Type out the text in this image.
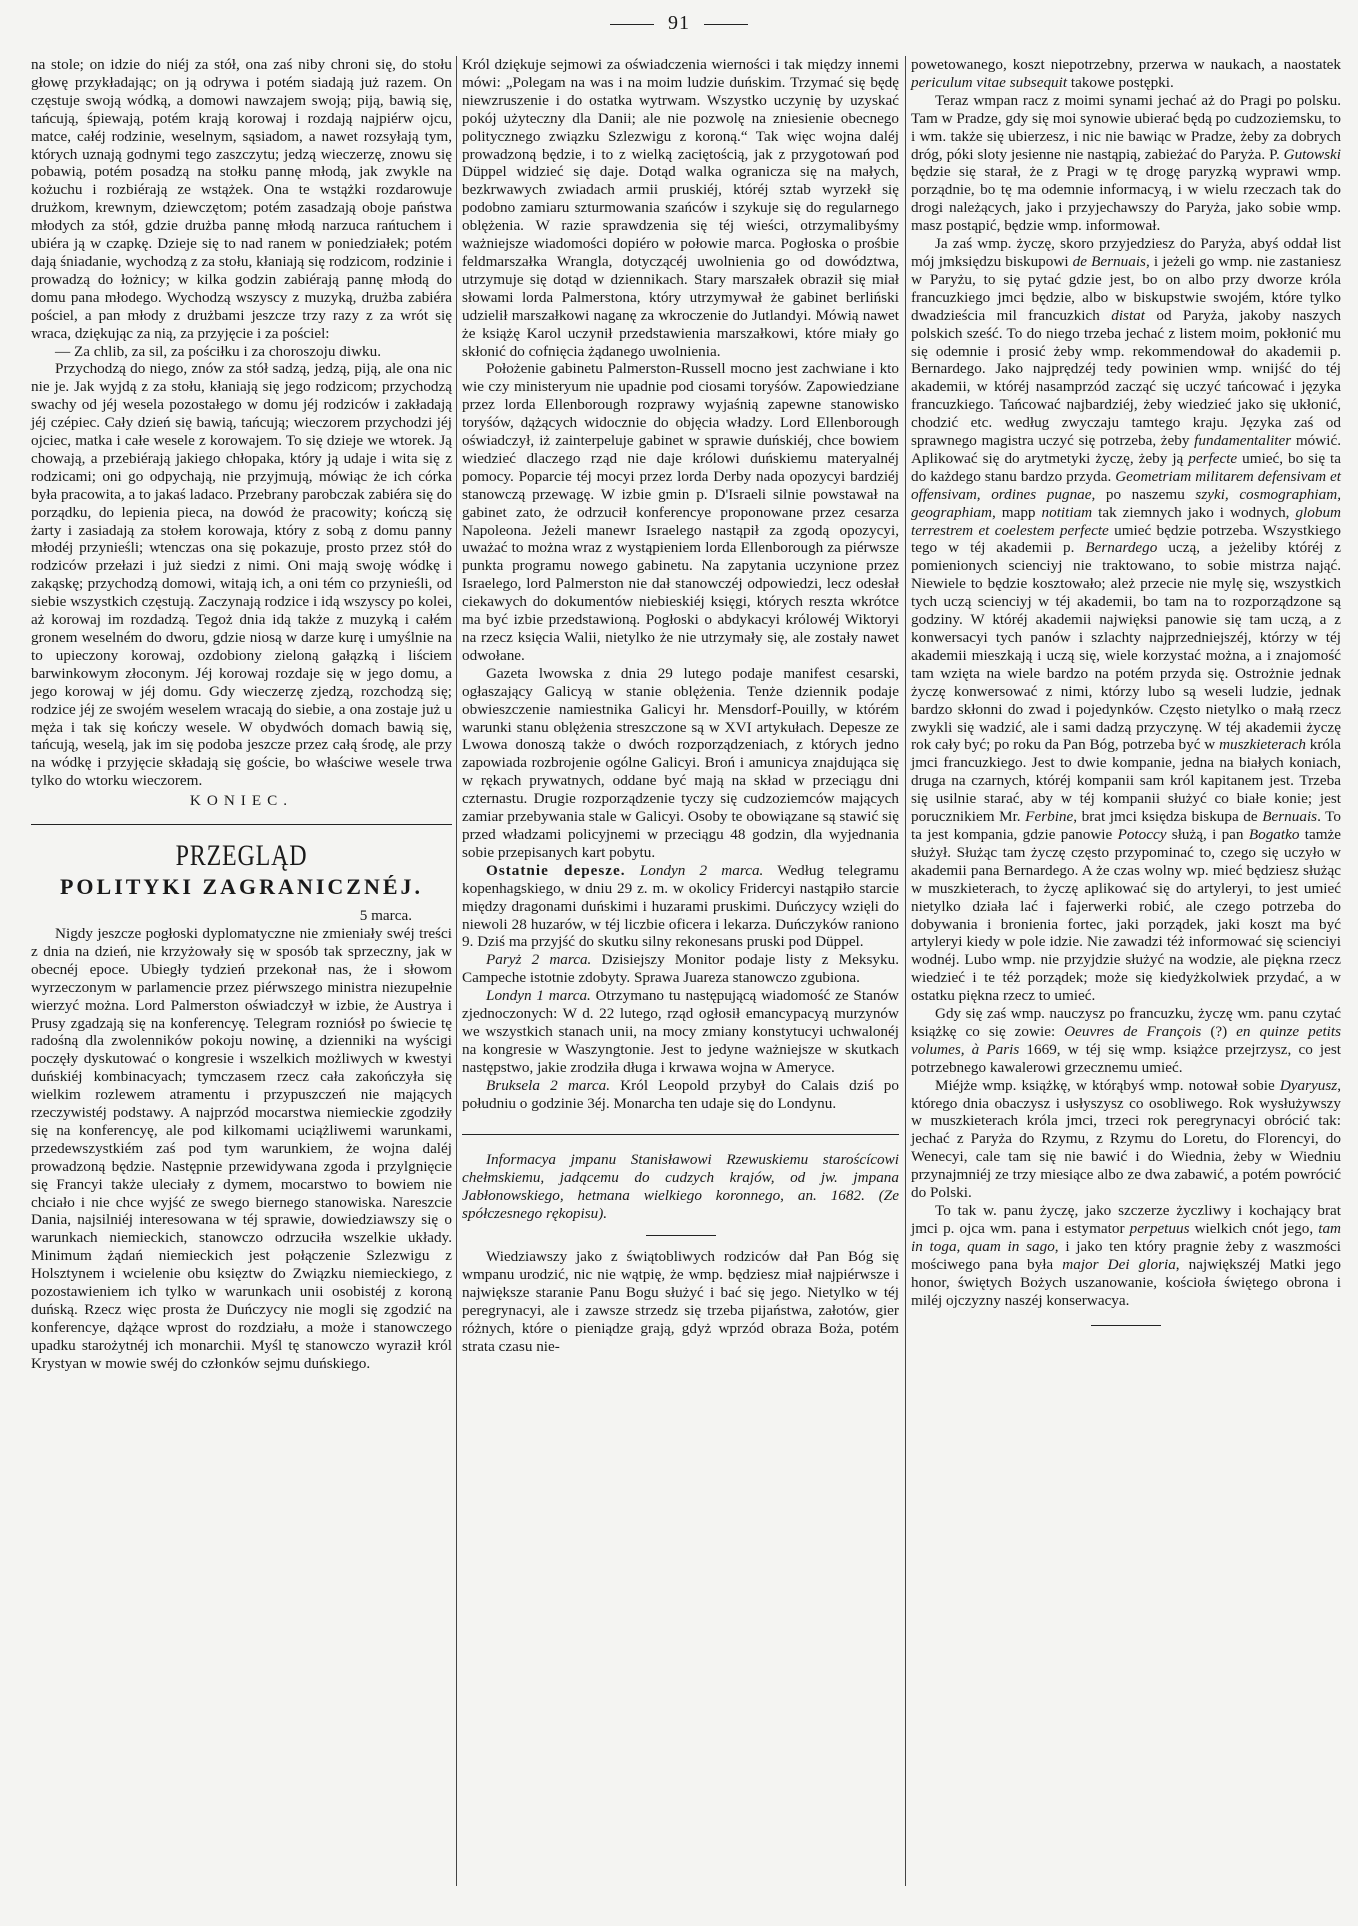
91

na stole; on idzie do niéj za stół, ona zaś niby chroni się, do stołu głowę przykładając; on ją odrywa i potém siadają już razem. On częstuje swoją wódką, a domowi nawzajem swoją; piją, bawią się, tańcują, śpiewają, potém krają korowaj i rozdają najpiérw ojcu, matce, całéj rodzinie, weselnym, sąsiadom, a nawet rozsyłają tym, których uznają godnymi tego zaszczytu; jedzą wieczerzę, znowu się pobawią, potém posadzą na stołku pannę młodą, jak zwykle na kożuchu i rozbiérają ze wstążek. Ona te wstążki rozdarowuje drużkom, krewnym, dziewczętom; potém zasadzają oboje państwa młodych za stół, gdzie drużba pannę młodą narzuca rańtuchem i ubiéra ją w czapkę. Dzieje się to nad ranem w poniedziałek; potém dają śniadanie, wychodzą z za stołu, kłaniają się rodzicom, rodzinie i prowadzą do łożnicy; w kilka godzin zabiérają pannę młodą do domu pana młodego. Wychodzą wszyscy z muzyką, drużba zabiéra pościel, a pan młody z drużbami jeszcze trzy razy z za wrót się wraca, dziękując za nią, za przyjęcie i za pościel:

— Za chlib, za sil, za pościłku i za choroszoju diwku.

Przychodzą do niego, znów za stół sadzą, jedzą, piją, ale ona nic nie je. Jak wyjdą z za stołu, kłaniają się jego rodzicom; przychodzą swachy od jéj wesela pozostałego w domu jéj rodziców i zakładają jéj czépiec. Cały dzień się bawią, tańcują; wieczorem przychodzi jéj ojciec, matka i całe wesele z korowajem. To się dzieje we wtorek. Ją chowają, a przebiérają jakiego chłopaka, który ją udaje i wita się z rodzicami; oni go odpychają, nie przyjmują, mówiąc że ich córka była pracowita, a to jakaś ladaco. Przebrany parobczak zabiéra się do porządku, do lepienia pieca, na dowód że pracowity; kończą się żarty i zasiadają za stołem korowaja, który z sobą z domu panny młodéj przynieśli; wtenczas ona się pokazuje, prosto przez stół do rodziców przełazi i już siedzi z nimi. Oni mają swoję wódkę i zakąskę; przychodzą domowi, witają ich, a oni tém co przynieśli, od siebie wszystkich częstują. Zaczynają rodzice i idą wszyscy po kolei, aż korowaj im rozdadzą. Tegoż dnia idą także z muzyką i całém gronem weselném do dworu, gdzie niosą w darze kurę i umyślnie na to upieczony korowaj, ozdobiony zieloną gałązką i liściem barwinkowym złoconym. Jéj korowaj rozdaje się w jego domu, a jego korowaj w jéj domu. Gdy wieczerzę zjedzą, rozchodzą się; rodzice jéj ze swojém weselem wracają do siebie, a ona zostaje już u męża i tak się kończy wesele. W obydwóch domach bawią się, tańcują, weselą, jak im się podoba jeszcze przez całą środę, ale przy na wódkę i przyjęcie składają się goście, bo właściwe wesele trwa tylko do wtorku wieczorem.

KONIEC.
PRZEGLĄD
POLITYKI ZAGRANICZNÉJ.
5 marca.

Nigdy jeszcze pogłoski dyplomatyczne nie zmieniały swéj treści z dnia na dzień, nie krzyżowały się w sposób tak sprzeczny, jak w obecnéj epoce. Ubiegły tydzień przekonał nas, że i słowom wyrzeczonym w parlamencie przez piérwszego ministra niezupełnie wierzyć można. Lord Palmerston oświadczył w izbie, że Austrya i Prusy zgadzają się na konferencyę. Telegram rozniósł po świecie tę radośną dla zwolenników pokoju nowinę, a dzienniki na wyścigi poczęły dyskutować o kongresie i wszelkich możliwych w kwestyi duńskiéj kombinacyach; tymczasem rzecz cała zakończyła się wielkim rozlewem atramentu i przypuszczeń nie mających rzeczywistéj podstawy. A najprzód mocarstwa niemieckie zgodziły się na konferencyę, ale pod kilkomami uciążliwemi warunkami, przedewszystkiém zaś pod tym warunkiem, że wojna daléj prowadzoną będzie. Następnie przewidywana zgoda i przylgnięcie się Francyi także uleciały z dymem, mocarstwo to bowiem nie chciało i nie chce wyjść ze swego biernego stanowiska. Nareszcie Dania, najsilniéj interesowana w téj sprawie, dowiedziawszy się o warunkach niemieckich, stanowczo odrzuciła wszelkie układy. Minimum żądań niemieckich jest połączenie Szlezwigu z Holsztynem i wcielenie obu księztw do Związku niemieckiego, z pozostawieniem ich tylko w warunkach unii osobistéj z koroną duńską. Rzecz więc prosta że Duńczycy nie mogli się zgodzić na konferencye, dążące wprost do rozdziału, a może i stanowczego upadku starożytnéj ich monarchii. Myśl tę stanowczo wyraził król Krystyan w mowie swéj do członków sejmu duńskiego.

Król dziękuje sejmowi za oświadczenia wierności i tak między innemi mówi: „Polegam na was i na moim ludzie duńskim. Trzymać się będę niewzruszenie i do ostatka wytrwam. Wszystko uczynię by uzyskać pokój użyteczny dla Danii; ale nie pozwolę na zniesienie obecnego politycznego związku Szlezwigu z koroną.“ Tak więc wojna daléj prowadzoną będzie, i to z wielką zaciętością, jak z przygotowań pod Düppel widzieć się daje. Dotąd walka ogranicza się na małych, bezkrwawych zwiadach armii pruskiéj, któréj sztab wyrzekł się podobno zamiaru szturmowania szańców i szykuje się do regularnego oblężenia. W razie sprawdzenia się téj wieści, otrzymalibyśmy ważniejsze wiadomości dopiéro w połowie marca. Pogłoska o prośbie feldmarszałka Wrangla, dotyczącéj uwolnienia go od dowództwa, utrzymuje się dotąd w dziennikach. Stary marszałek obraził się miał słowami lorda Palmerstona, który utrzymywał że gabinet berliński udzielił marszałkowi naganę za wkroczenie do Jutlandyi. Mówią nawet że książę Karol uczynił przedstawienia marszałkowi, które miały go skłonić do cofnięcia żądanego uwolnienia.

Położenie gabinetu Palmerston-Russell mocno jest zachwiane i kto wie czy ministeryum nie upadnie pod ciosami toryśów. Zapowiedziane przez lorda Ellenborough rozprawy wyjaśnią zapewne stanowisko toryśów, dążących widocznie do objęcia władzy. Lord Ellenborough oświadczył, iż zainterpeluje gabinet w sprawie duńskiéj, chce bowiem wiedzieć dlaczego rząd nie daje królowi duńskiemu materyalnéj pomocy. Poparcie téj mocyi przez lorda Derby nada opozycyi bardziéj stanowczą przewagę. W izbie gmin p. D'Israeli silnie powstawał na gabinet zato, że odrzucił konferencye proponowane przez cesarza Napoleona. Jeżeli manewr Israelego nastąpił za zgodą opozycyi, uważać to można wraz z wystąpieniem lorda Ellenborough za piérwsze punkta programu nowego gabinetu. Na zapytania uczynione przez Israelego, lord Palmerston nie dał stanowczéj odpowiedzi, lecz odesłał ciekawych do dokumentów niebieskiéj księgi, których reszta wkrótce ma być izbie przedstawioną. Pogłoski o abdykacyi królowéj Wiktoryi na rzecz księcia Walii, nietylko że nie utrzymały się, ale zostały nawet odwołane.

Gazeta lwowska z dnia 29 lutego podaje manifest cesarski, ogłaszający Galicyą w stanie oblężenia. Tenże dziennik podaje obwieszczenie namiestnika Galicyi hr. Mensdorf-Pouilly, w którém warunki stanu oblężenia streszczone są w XVI artykułach. Depesze ze Lwowa donoszą także o dwóch rozporządzeniach, z których jedno zapowiada rozbrojenie ogólne Galicyi. Broń i amunicya znajdująca się w rękach prywatnych, oddane być mają na skład w przeciągu dni czternastu. Drugie rozporządzenie tyczy się cudzoziemców mających zamiar przebywania stale w Galicyi. Osoby te obowiązane są stawić się przed władzami policyjnemi w przeciągu 48 godzin, dla wyjednania sobie przepisanych kart pobytu.

Ostatnie depesze. Londyn 2 marca. Według telegramu kopenhagskiego, w dniu 29 z. m. w okolicy Fridercyi nastąpiło starcie między dragonami duńskimi i huzarami pruskimi. Duńczycy wzięli do niewoli 28 huzarów, w téj liczbie oficera i lekarza. Duńczyków raniono 9. Dziś ma przyjść do skutku silny rekonesans pruski pod Düppel.

Paryż 2 marca. Dzisiejszy Monitor podaje listy z Meksyku. Campeche istotnie zdobyty. Sprawa Juareza stanowczo zgubiona.

Londyn 1 marca. Otrzymano tu następującą wiadomość ze Stanów zjednoczonych: W d. 22 lutego, rząd ogłosił emancypacyą murzynów we wszystkich stanach unii, na mocy zmiany konstytucyi uchwalonéj na kongresie w Waszyngtonie. Jest to jedyne ważniejsze w skutkach następstwo, jakie zrodziła długa i krwawa wojna w Ameryce.

Bruksela 2 marca. Król Leopold przybył do Calais dziś po południu o godzinie 3éj. Monarcha ten udaje się do Londynu.

Informacya jmpanu Stanisławowi Rzewuskiemu staroścícowi chełmskiemu, jadącemu do cudzych krajów, od jw. jmpana Jabłonowskiego, hetmana wielkiego koronnego, an. 1682. (Ze spółczesnego rękopisu).

Wiedziawszy jako z świątobliwych rodziców dał Pan Bóg się wmpanu urodzić, nic nie wątpię, że wmp. będziesz miał najpiérwsze i największe staranie Panu Bogu służyć i bać się jego. Nietylko w téj peregrynacyi, ale i zawsze strzedz się trzeba pijaństwa, załotów, gier różnych, które o pieniądze grają, gdyż wprzód obraza Boża, potém strata czasu nie-

powetowanego, koszt niepotrzebny, przerwa w naukach, a naostatek periculum vitae subsequit takowe postępki.

Teraz wmpan racz z moimi synami jechać aż do Pragi po polsku. Tam w Pradze, gdy się moi synowie ubierać będą po cudzoziemsku, to i wm. także się ubierzesz, i nic nie bawiąc w Pradze, żeby za dobrych dróg, póki sloty jesienne nie nastąpią, zabieżać do Paryża. P. Gutowski będzie się starał, że z Pragi w tę drogę paryzką wyprawi wmp. porządnie, bo tę ma odemnie informacyą, i w wielu rzeczach tak do drogi należących, jako i przyjechawszy do Paryża, jako sobie wmp. masz postąpić, będzie wmp. informował.

Ja zaś wmp. życzę, skoro przyjedziesz do Paryża, abyś oddał list mój jmksiędzu biskupowi de Bernuais, i jeżeli go wmp. nie zastaniesz w Paryżu, to się pytać gdzie jest, bo on albo przy dworze króla francuzkiego jmci będzie, albo w biskupstwie swojém, które tylko dwadzieścia mil francuzkich distat od Paryża, jakoby naszych polskich sześć. To do niego trzeba jechać z listem moim, pokłonić mu się odemnie i prosić żeby wmp. rekommendował do akademii p. Bernardego. Jako najprędzéj tedy powinien wmp. wnijść do téj akademii, w któréj nasamprzód zacząć się uczyć tańcować i języka francuzkiego. Tańcować najbardziéj, żeby wiedzieć jako się ukłonić, chodzić etc. według zwyczaju tamtego kraju. Języka zaś od sprawnego magistra uczyć się potrzeba, żeby fundamentaliter mówić. Aplikować się do arytmetyki życzę, żeby ją perfecte umieć, bo się ta do każdego stanu bardzo przyda. Geometriam militarem defensivam et offensivam, ordines pugnae, po naszemu szyki, cosmographiam, geographiam, mapp notitiam tak ziemnych jako i wodnych, globum terrestrem et coelestem perfecte umieć będzie potrzeba. Wszystkiego tego w téj akademii p. Bernardego uczą, a jeżeliby któréj z pomienionych scienciyj nie traktowano, to sobie mistrza nająć. Niewiele to będzie kosztowało; ależ przecie nie mylę się, wszystkich tych uczą scienciyj w téj akademii, bo tam na to rozporządzone są godziny. W któréj akademii najwięksi panowie się tam uczą, a z konwersacyi tych panów i szlachty najprzedniejszéj, którzy w téj akademii mieszkają i uczą się, wiele korzystać można, a i znajomość tam wzięta na wiele bardzo na potém przyda się. Ostrożnie jednak życzę konwersować z nimi, którzy lubo są weseli ludzie, jednak bardzo skłonni do zwad i pojedynków. Często nietylko o małą rzecz zwykli się wadzić, ale i sami dadzą przyczynę. W téj akademii życzę rok cały być; po roku da Pan Bóg, potrzeba być w muszkieterach króla jmci francuzkiego. Jest to dwie kompanie, jedna na białych koniach, druga na czarnych, któréj kompanii sam król kapitanem jest. Trzeba się usilnie starać, aby w téj kompanii służyć co białe konie; jest porucznikiem Mr. Ferbine, brat jmci księdza biskupa de Bernuais. To ta jest kompania, gdzie panowie Potoccy służą, i pan Bogatko tamże służył. Służąc tam życzę często przypominać to, czego się uczyło w akademii pana Bernardego. A że czas wolny wp. mieć będziesz służąc w muszkieterach, to życzę aplikować się do artyleryi, to jest umieć nietylko działa lać i fajerwerki robić, ale czego potrzeba do dobywania i bronienia fortec, jaki porządek, jaki koszt ma być artyleryi kiedy w pole idzie. Nie zawadzi téż informować się scienciyi wodnéj. Lubo wmp. nie przyjdzie służyć na wodzie, ale piękna rzecz wiedzieć i te téż porządek; może się kiedyżkolwiek przydać, a w ostatku piękna rzecz to umieć.

Gdy się zaś wmp. nauczysz po francuzku, życzę wm. panu czytać książkę co się zowie: Oeuvres de François (?) en quinze petits volumes, à Paris 1669, w téj się wmp. książce przejrzysz, co jest potrzebnego kawalerowi grzecznemu umieć.

Miéjże wmp. książkę, w którąbyś wmp. notował sobie Dyaryusz, którego dnia obaczysz i usłyszysz co osobliwego. Rok wysłużywszy w muszkieterach króla jmci, trzeci rok peregrynacyi obrócić tak: jechać z Paryża do Rzymu, z Rzymu do Loretu, do Florencyi, do Wenecyi, cale tam się nie bawić i do Wiednia, żeby w Wiedniu przynajmniéj ze trzy miesiące albo ze dwa zabawić, a potém powrócić do Polski.

To tak w. panu życzę, jako szczerze życzliwy i kochający brat jmci p. ojca wm. pana i estymator perpetuus wielkich cnót jego, tam in toga, quam in sago, i jako ten który pragnie żeby z waszmości mościwego pana była major Dei gloria, największéj Matki jego honor, świętych Bożych uszanowanie, kościoła świętego obrona i miléj ojczyzny naszéj konserwacya.
